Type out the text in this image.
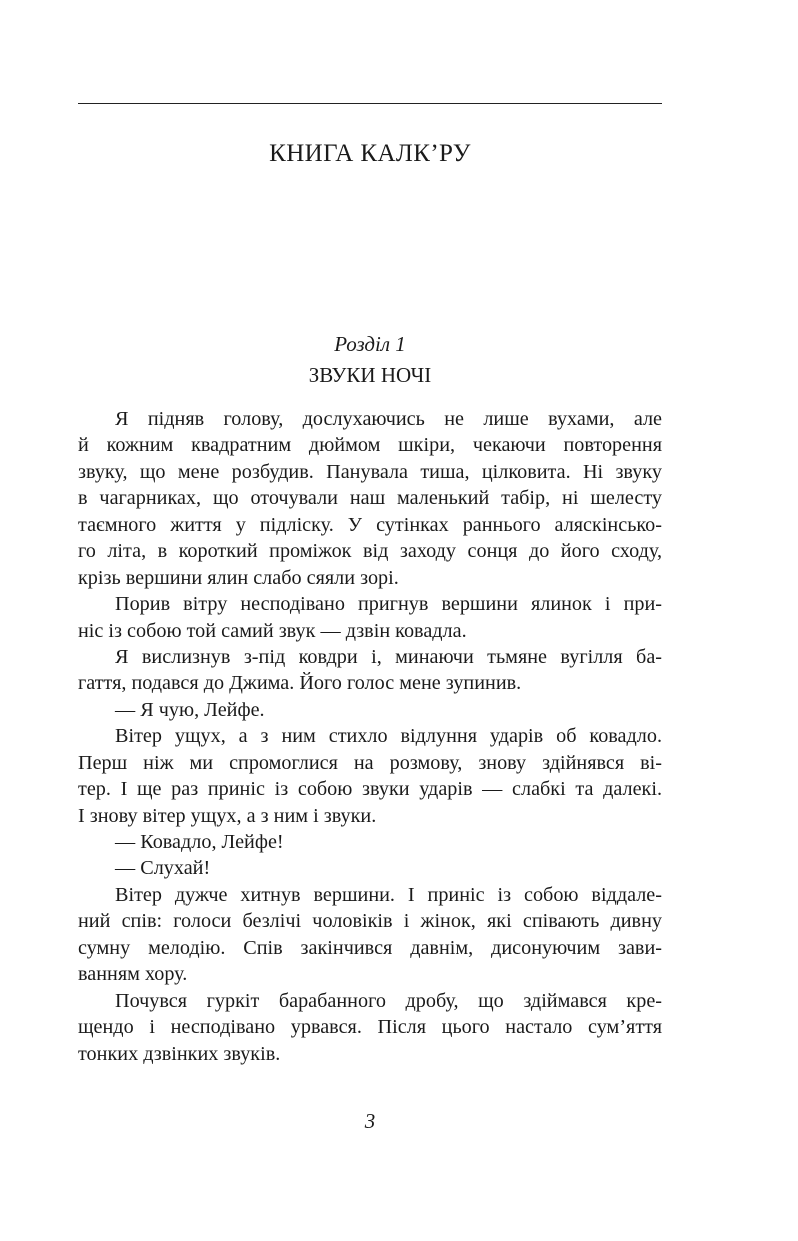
КНИГА КАЛК’РУ
Розділ 1
ЗВУКИ НОЧІ
Я підняв голову, дослухаючись не лише вухами, але
й кожним квадратним дюймом шкіри, чекаючи повторення
звуку, що мене розбудив. Панувала тиша, цілковита. Ні звуку
в чагарниках, що оточували наш маленький табір, ні шелесту
таємного життя у підліску. У сутінках раннього аляскінсько-
го літа, в короткий проміжок від заходу сонця до його сходу,
крізь вершини ялин слабо сяяли зорі.
Порив вітру несподівано пригнув вершини ялинок і при-
ніс із собою той самий звук — дзвін ковадла.
Я вислизнув з-під ковдри і, минаючи тьмяне вугілля ба-
гаття, подався до Джима. Його голос мене зупинив.
— Я чую, Лейфе.
Вітер ущух, а з ним стихло відлуння ударів об ковадло.
Перш ніж ми спромоглися на розмову, знову здійнявся ві-
тер. І ще раз приніс із собою звуки ударів — слабкі та далекі.
І знову вітер ущух, а з ним і звуки.
— Ковадло, Лейфе!
— Слухай!
Вітер дужче хитнув вершини. І приніс із собою віддале-
ний спів: голоси безлічі чоловіків і жінок, які співають дивну
сумну мелодію. Спів закінчився давнім, дисонуючим зави-
ванням хору.
Почувся гуркіт барабанного дробу, що здіймався кре-
щендо і несподівано урвався. Після цього настало сум’яття
тонких дзвінких звуків.
3
